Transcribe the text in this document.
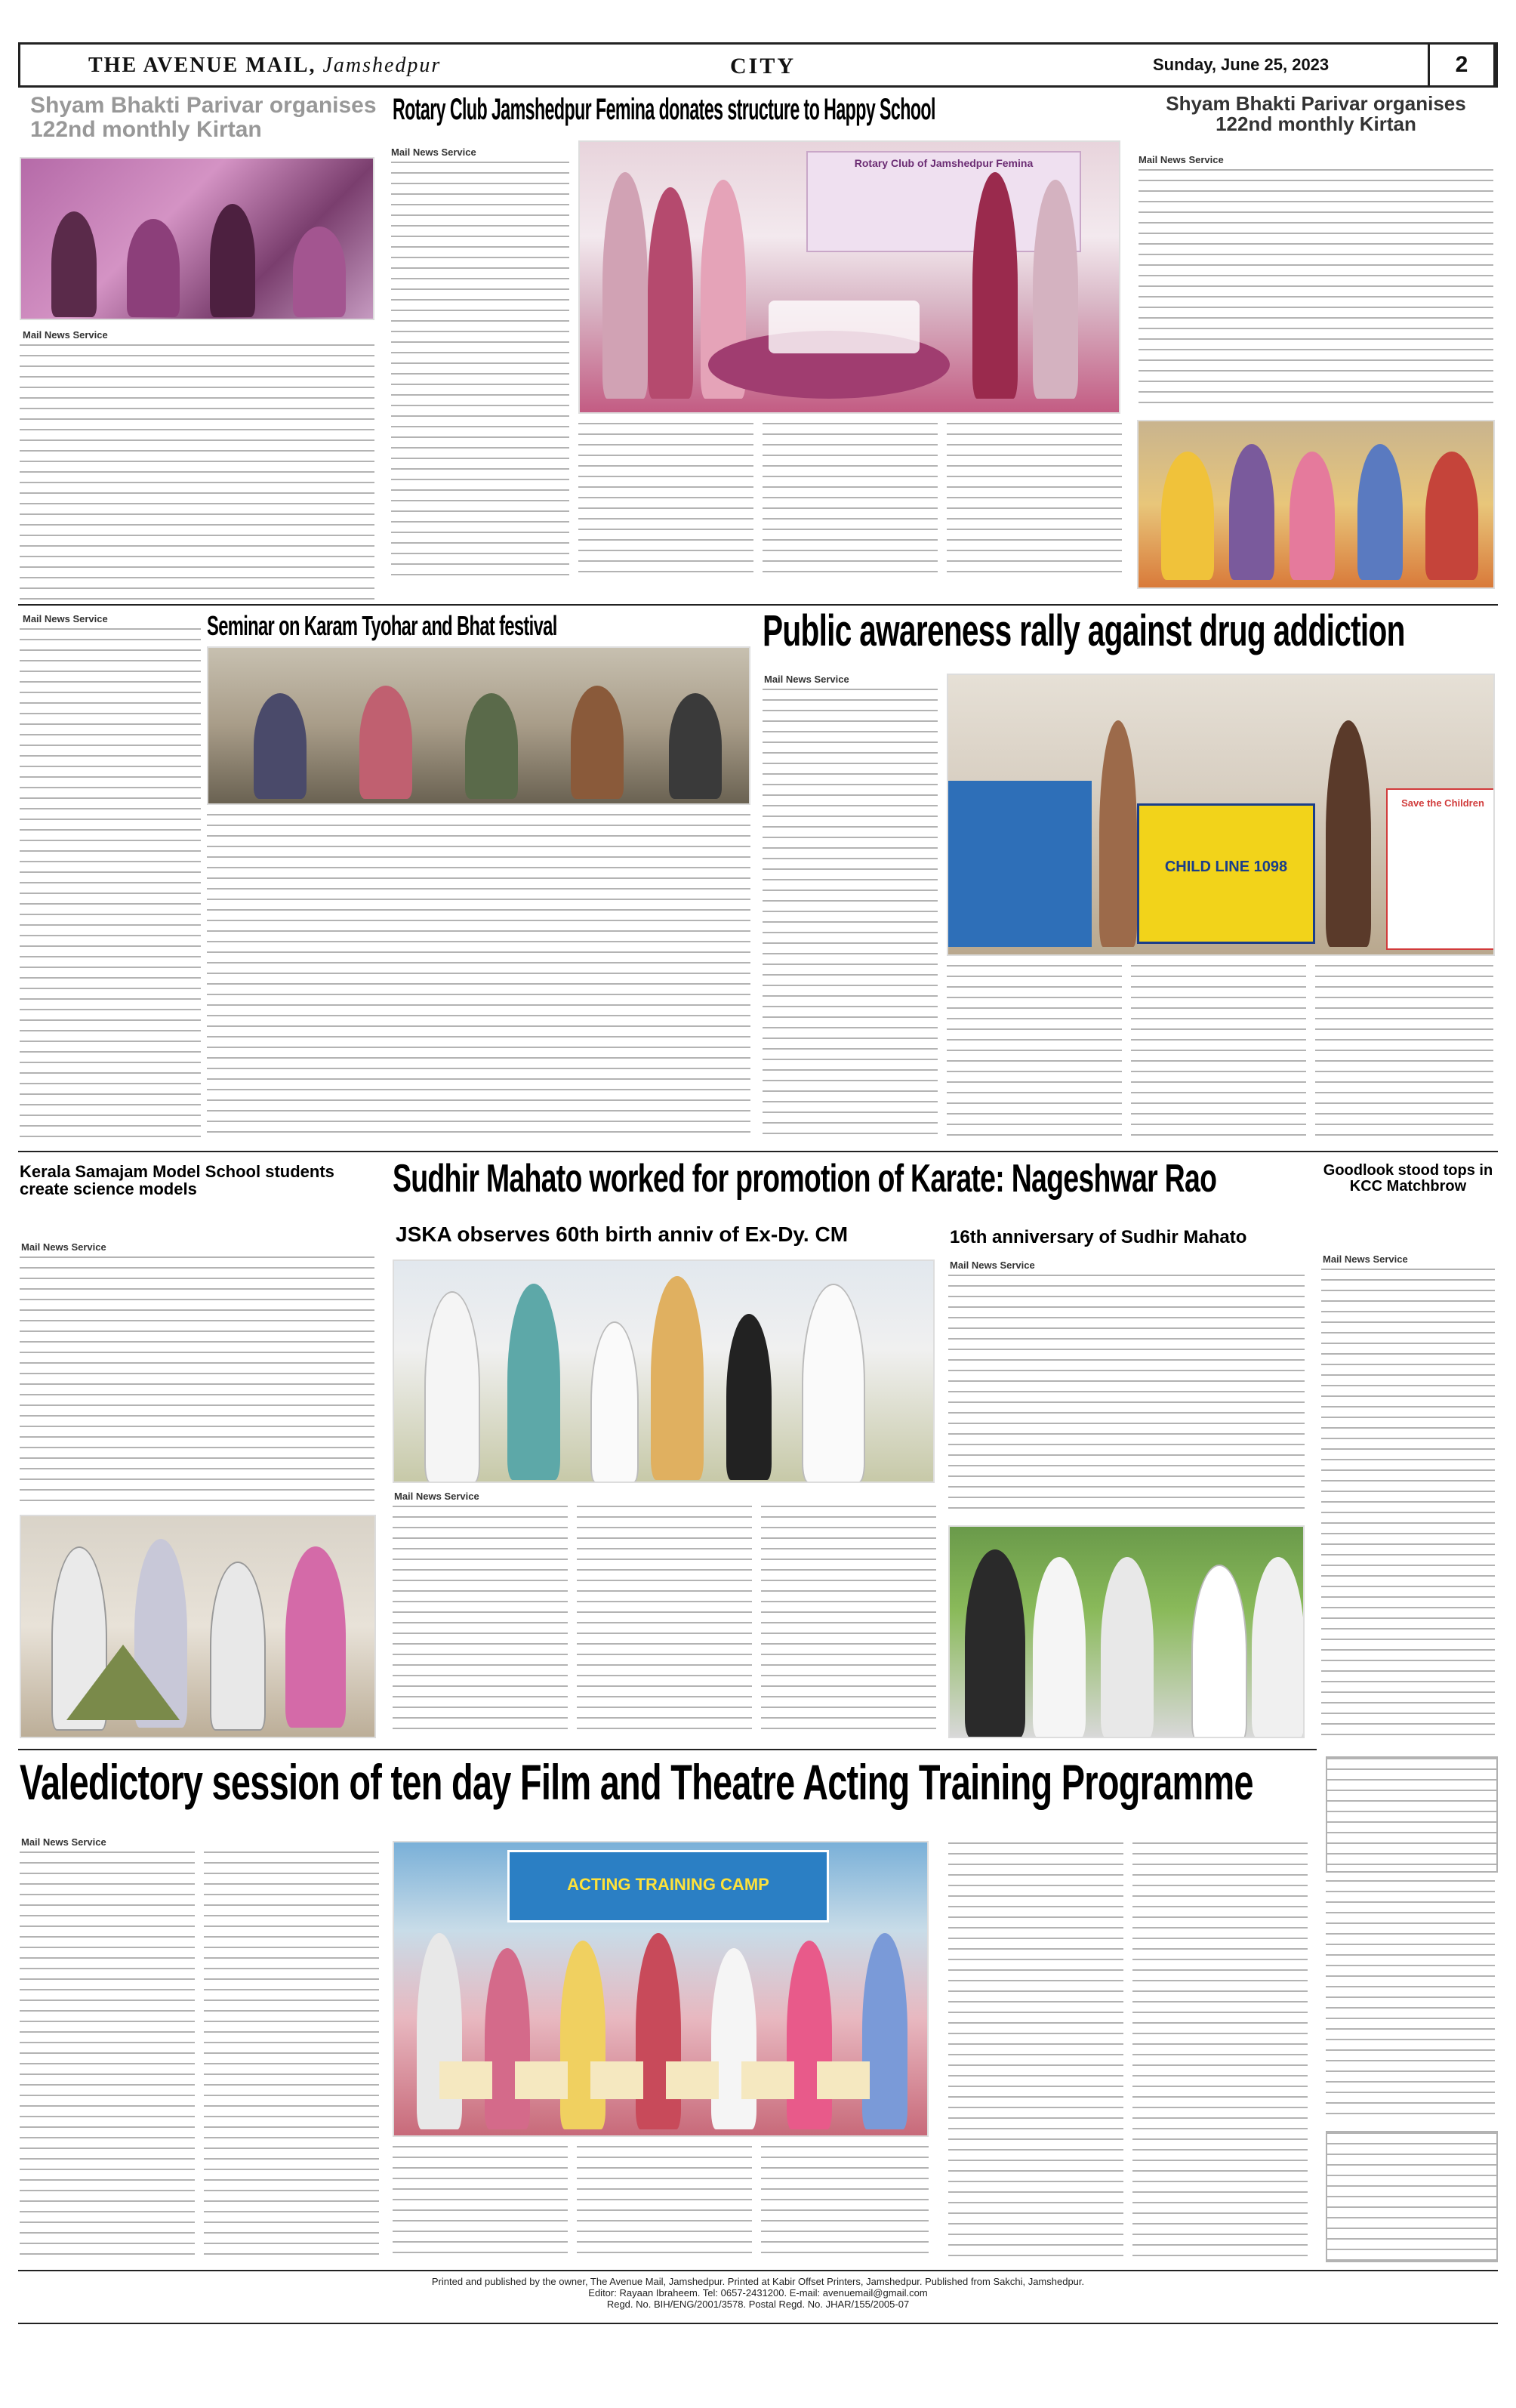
THE AVENUE MAIL, Jamshedpur	CITY	Sunday, June 25, 2023	2
Shyam Bhakti Parivar organises 122nd monthly Kirtan
Mail News Service
Rotary Club Jamshedpur Femina donates structure to Happy School
Mail News Service
Rotary Club of Jamshedpur Femina
Shyam Bhakti Parivar organises 122nd monthly Kirtan
Mail News Service
Seminar on Karam Tyohar and Bhat festival
Mail News Service	Public awareness rally against drug addiction
Mail News Service
CHILD LINE 1098
Save the Children
Kerala Samajam Model School students create science models
Mail News Service
Sudhir Mahato worked for promotion of Karate: Nageshwar Rao
JSKA observes 60th birth anniv of Ex-Dy. CM
Mail News Service
16th anniversary of Sudhir Mahato
Mail News Service
Goodlook stood tops in KCC Matchbrow
Mail News Service
Valedictory session of ten day Film and Theatre Acting Training Programme
Mail News Service
ACTING TRAINING CAMP
Printed and published by the owner, The Avenue Mail, Jamshedpur. Printed at Kabir Offset Printers, Jamshedpur. Published from Sakchi, Jamshedpur.
Editor: Rayaan Ibraheem. Tel: 0657-2431200. E-mail: avenuemail@gmail.com
Regd. No. BIH/ENG/2001/3578. Postal Regd. No. JHAR/155/2005-07
